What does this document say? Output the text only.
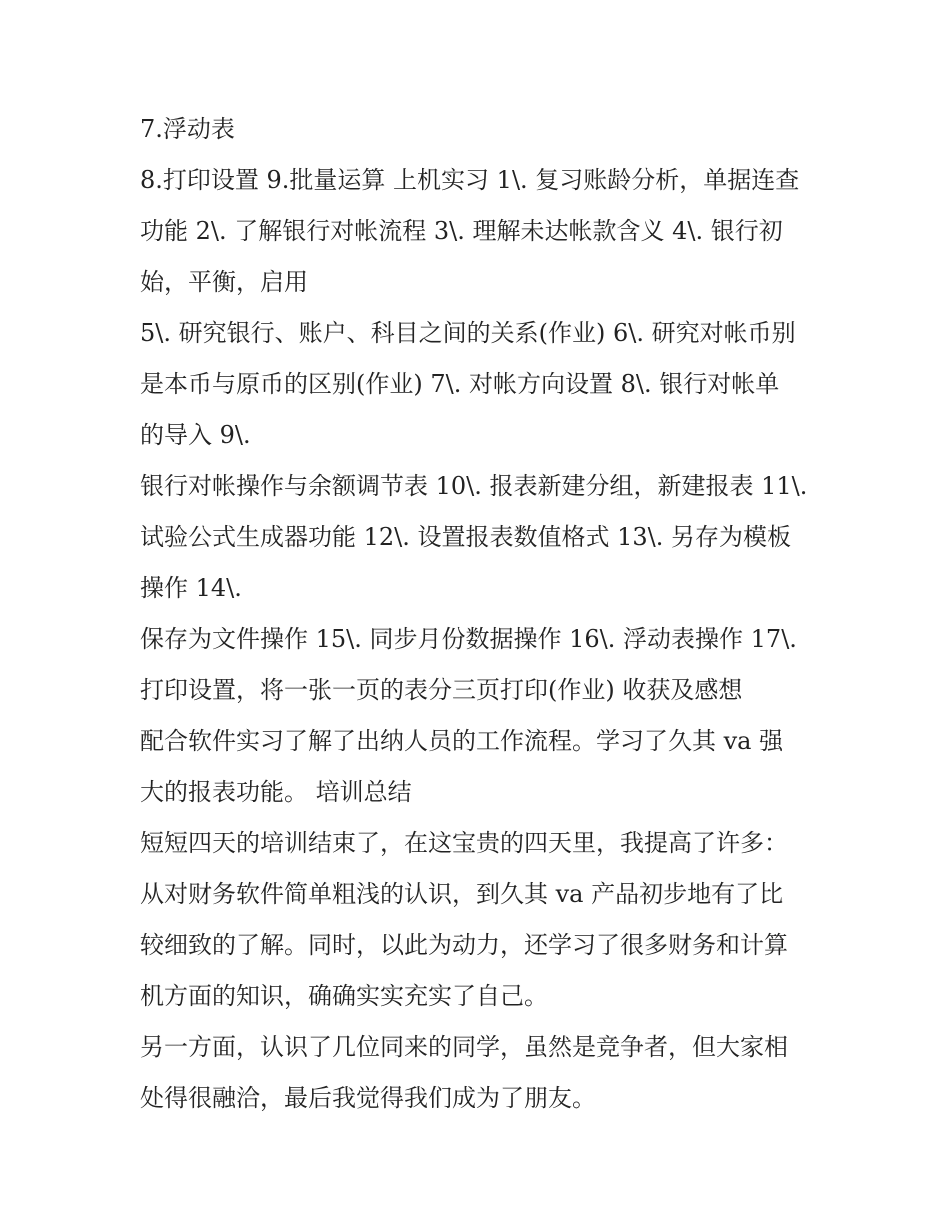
7.浮动表
8.打印设置 9.批量运算 上机实习 1\. 复习账龄分析，单据连查
功能 2\. 了解银行对帐流程 3\. 理解未达帐款含义 4\. 银行初
始，平衡，启用
5\. 研究银行、账户、科目之间的关系(作业) 6\. 研究对帐币别
是本币与原币的区别(作业) 7\. 对帐方向设置 8\. 银行对帐单
的导入 9\.
银行对帐操作与余额调节表 10\. 报表新建分组，新建报表 11\.
试验公式生成器功能 12\. 设置报表数值格式 13\. 另存为模板
操作 14\.
保存为文件操作 15\. 同步月份数据操作 16\. 浮动表操作 17\.
打印设置，将一张一页的表分三页打印(作业) 收获及感想
配合软件实习了解了出纳人员的工作流程。学习了久其 va 强
大的报表功能。 培训总结
短短四天的培训结束了，在这宝贵的四天里，我提高了许多：
从对财务软件简单粗浅的认识，到久其 va 产品初步地有了比
较细致的了解。同时，以此为动力，还学习了很多财务和计算
机方面的知识，确确实实充实了自己。
另一方面，认识了几位同来的同学，虽然是竞争者，但大家相
处得很融洽，最后我觉得我们成为了朋友。
